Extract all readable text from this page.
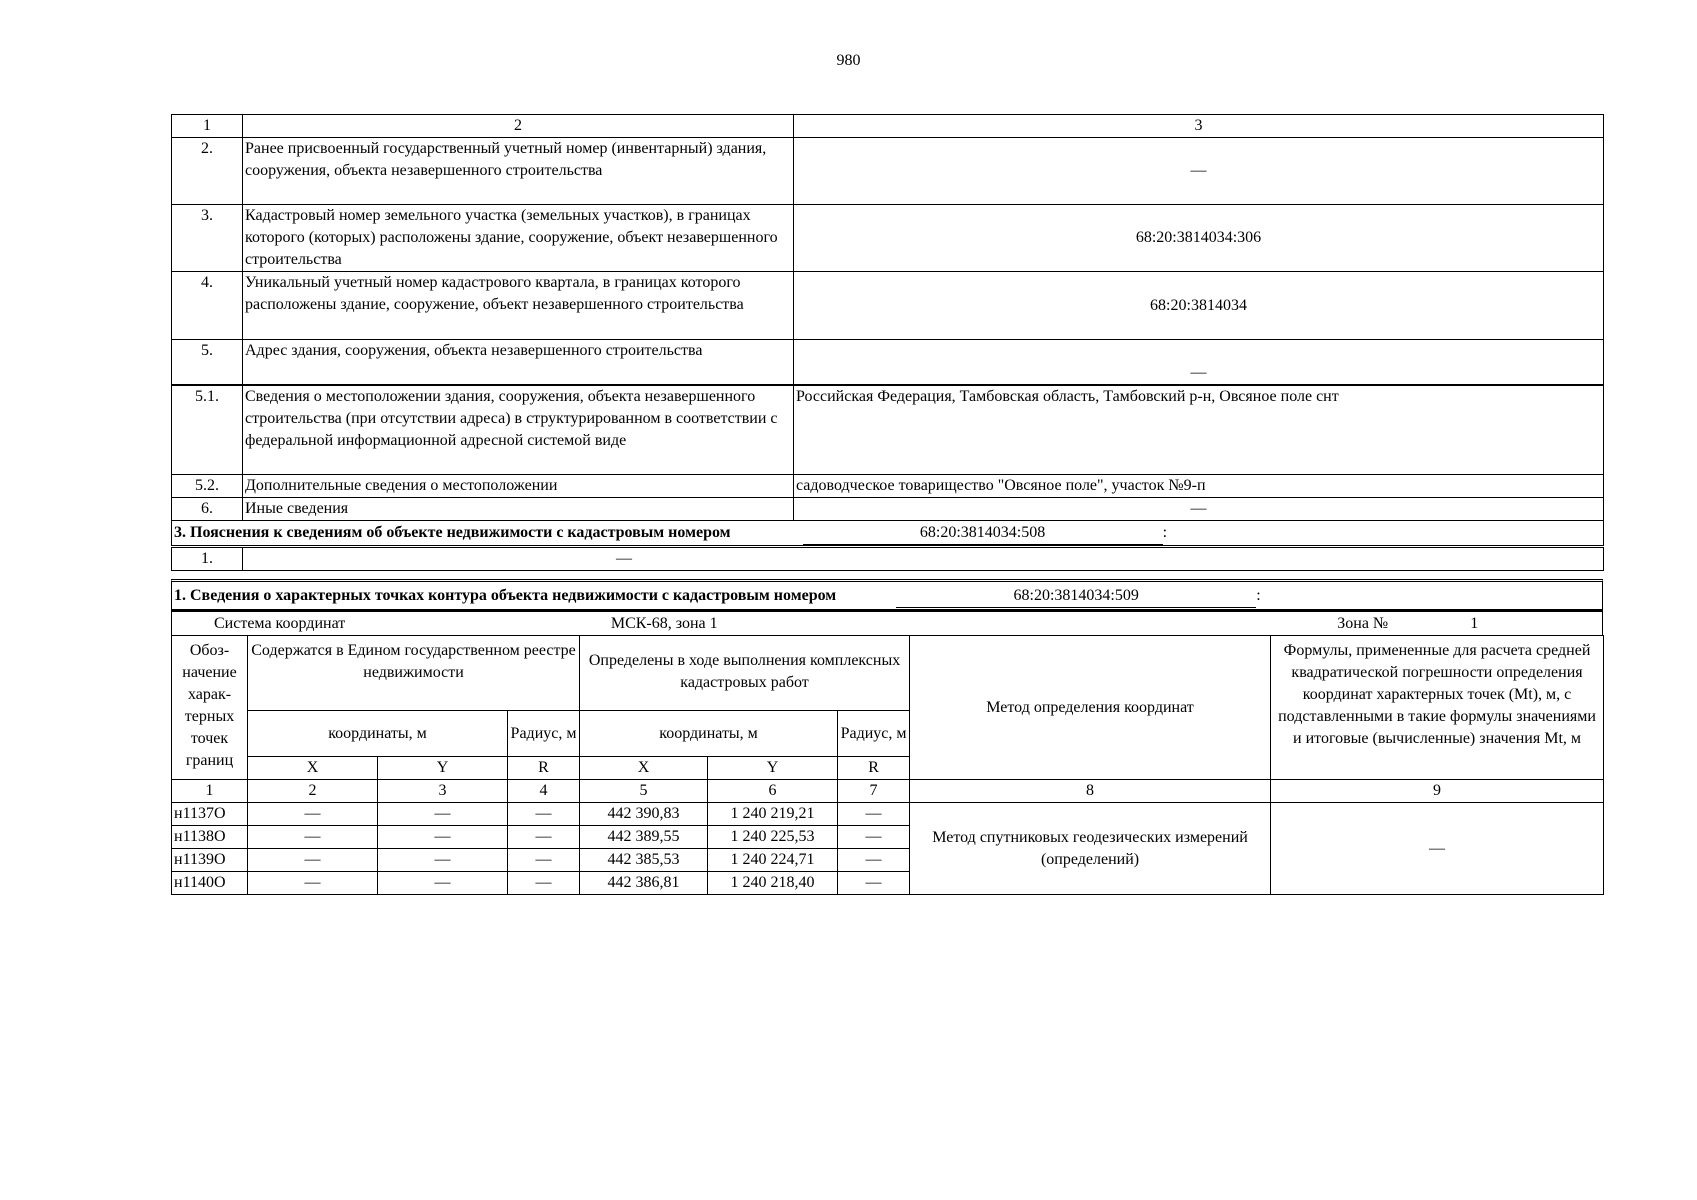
980
1	2	3
2.	Ранее присвоенный государственный учетный номер (инвентарный) здания, сооружения, объекта незавершенного строительства	—
3.	Кадастровый номер земельного участка (земельных участков), в границах которого (которых) расположены здание, сооружение, объект незавершенного строительства	68:20:3814034:306
4.	Уникальный учетный номер кадастрового квартала, в границах которого расположены здание, сооружение, объект незавершенного строительства	68:20:3814034
5.	Адрес здания, сооружения, объекта незавершенного строительства	—
5.1.	Сведения о местоположении здания, сооружения, объекта незавершенного строительства (при отсутствии адреса) в структурированном в соответствии с федеральной информационной адресной системой виде	Российская Федерация, Тамбовская область, Тамбовский р-н, Овсяное поле снт
5.2.	Дополнительные сведения о местоположении	садоводческое товарищество "Овсяное поле", участок №9-п
6.	Иные сведения	—
3. Пояснения к сведениям об объекте недвижимости с кадастровым номером 68:20:3814034:508 :		
1.	—	
1. Сведения о характерных точках контура объекта недвижимости с кадастровым номером	68:20:3814034:509	:
Система координат	МСК-68, зона 1	Зона №	1
Обоз-начение харак-терных точек границ	Содержатся в Едином государственном реестре недвижимости			Определены в ходе выполнения комплексных кадастровых работ			Метод определения координат	Формулы, примененные для расчета средней квадратической погрешности определения координат характерных точек (Mt), м, с подставленными в такие формулы значениями и итоговые (вычисленные) значения Mt, м
	координаты, м		Радиус, м	координаты, м		Радиус, м		
	X	Y	R	X	Y	R		
1	2	3	4	5	6	7	8	9
н1137О	—	—	—	442 390,83	1 240 219,21	—	Метод спутниковых геодезических измерений (определений)	—
н1138О	—	—	—	442 389,55	1 240 225,53	—		
н1139О	—	—	—	442 385,53	1 240 224,71	—		
н1140О	—	—	—	442 386,81	1 240 218,40	—		
